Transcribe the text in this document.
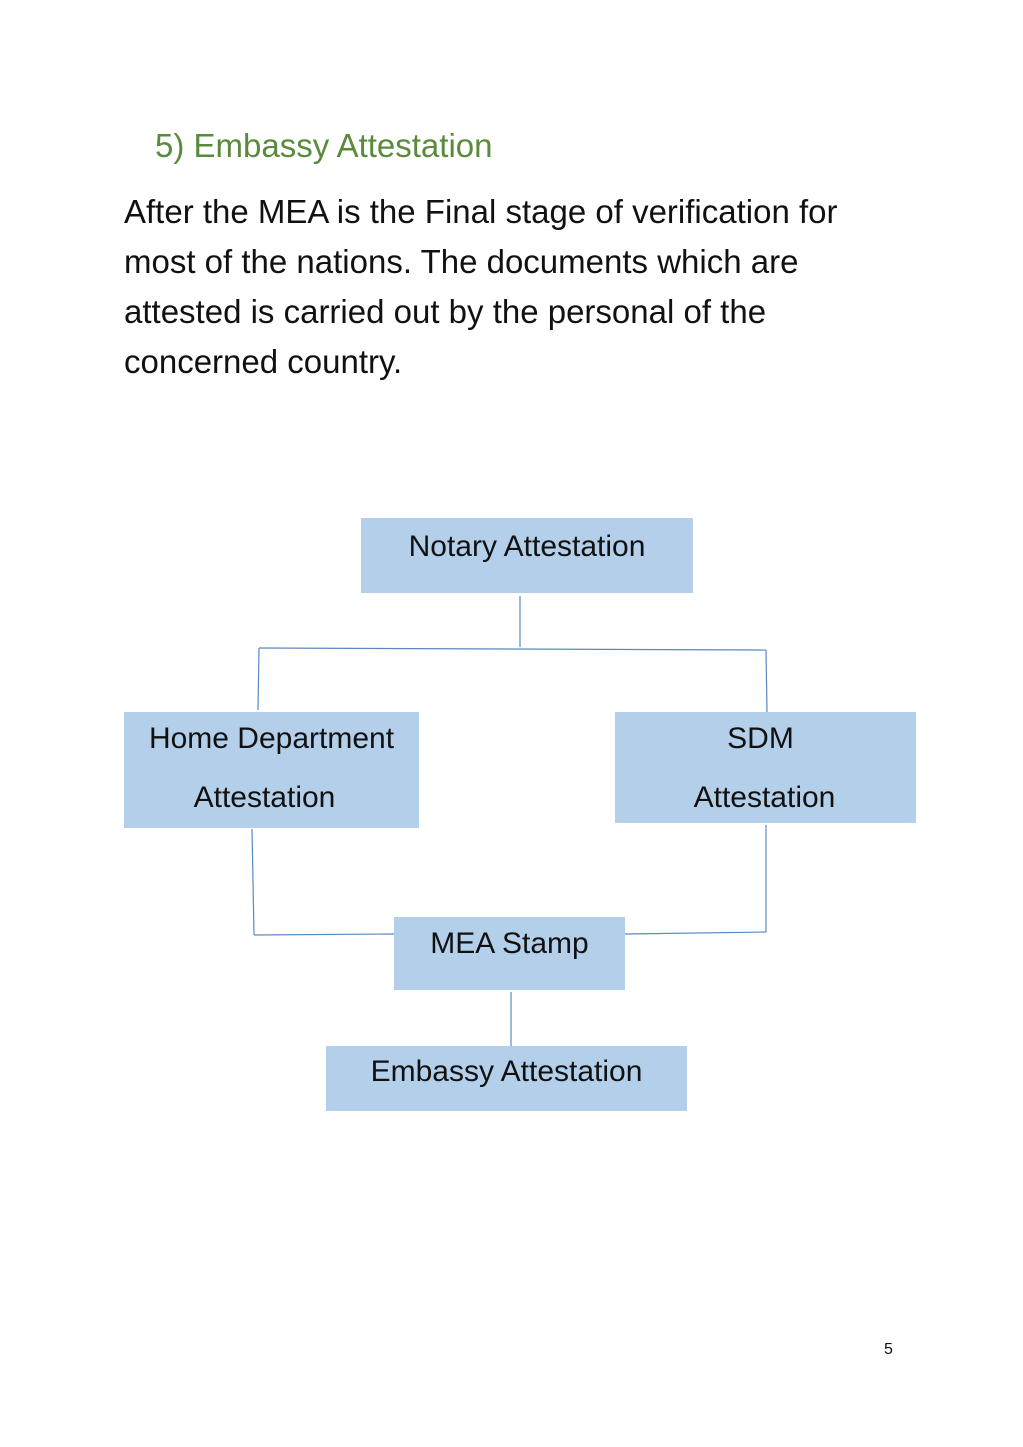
5) Embassy Attestation

After the MEA is the Final stage of verification for
most of the nations. The documents which are
attested is carried out by the personal of the
concerned country.

Notary Attestation
Home Department
Attestation
SDM
Attestation
MEA Stamp
Embassy Attestation
5
